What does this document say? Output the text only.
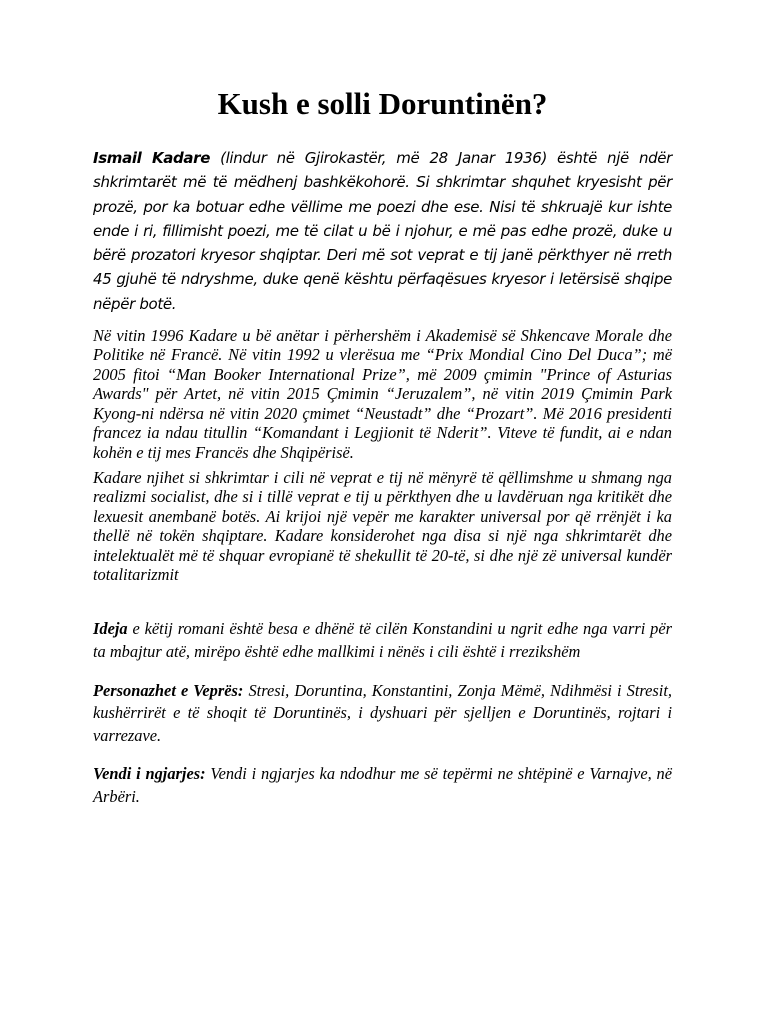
Kush e solli Doruntinën?

Ismail Kadare (lindur në Gjirokastër, më 28 Janar 1936) është një ndër shkrimtarët më të mëdhenj bashkëkohorë. Si shkrimtar shquhet kryesisht për prozë, por ka botuar edhe vëllime me poezi dhe ese. Nisi të shkruajë kur ishte ende i ri, fillimisht poezi, me të cilat u bë i njohur, e më pas edhe prozë, duke u bërë prozatori kryesor shqiptar. Deri më sot veprat e tij janë përkthyer në rreth 45 gjuhë të ndryshme, duke qenë kështu përfaqësues kryesor i letërsisë shqipe nëpër botë.

Në vitin 1996 Kadare u bë anëtar i përhershëm i Akademisë së Shkencave Morale dhe Politike në Francë. Në vitin 1992 u vlerësua me “Prix Mondial Cino Del Duca”; më 2005 fitoi “Man Booker International Prize”, më 2009 çmimin "Prince of Asturias Awards" për Artet, në vitin 2015 Çmimin “Jeruzalem”, në vitin 2019 Çmimin Park Kyong-ni ndërsa në vitin 2020 çmimet “Neustadt” dhe “Prozart”. Më 2016 presidenti francez ia ndau titullin “Komandant i Legjionit të Nderit”. Viteve të fundit, ai e ndan kohën e tij mes Francës dhe Shqipërisë.

Kadare njihet si shkrimtar i cili në veprat e tij në mënyrë të qëllimshme u shmang nga realizmi socialist, dhe si i tillë veprat e tij u përkthyen dhe u lavdëruan nga kritikët dhe lexuesit anembanë botës. Ai krijoi një vepër me karakter universal por që rrënjët i ka thellë në tokën shqiptare. Kadare konsiderohet nga disa si një nga shkrimtarët dhe intelektualët më të shquar evropianë të shekullit të 20-të, si dhe një zë universal kundër totalitarizmit

Ideja e këtij romani është besa e dhënë të cilën Konstandini u ngrit edhe nga varri për ta mbajtur atë, mirëpo është edhe mallkimi i nënës i cili është i rrezikshëm

Personazhet e Veprës: Stresi, Doruntina, Konstantini, Zonja Mëmë, Ndihmësi i Stresit, kushërrirët e të shoqit të Doruntinës, i dyshuari për sjelljen e Doruntinës, rojtari i varrezave.

Vendi i ngjarjes: Vendi i ngjarjes ka ndodhur me së tepërmi ne shtëpinë e Varnajve, në Arbëri.
